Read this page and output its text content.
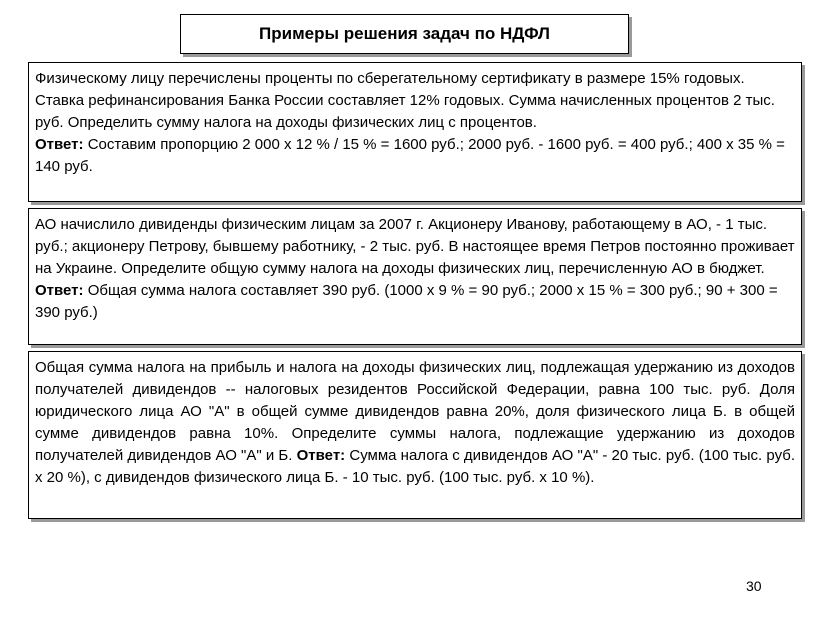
Примеры решения задач по НДФЛ
Физическому лицу перечислены проценты по сберегательному сертификату в размере 15% годовых. Ставка рефинансирования Банка России составляет 12% годовых. Сумма начисленных процентов 2 тыс. руб. Определить сумму налога на доходы физических лиц с процентов.
Ответ: Составим пропорцию 2 000 х 12 % / 15 % = 1600 руб.; 2000 руб. - 1600 руб. = 400 руб.; 400 х 35 % = 140 руб.
АО начислило дивиденды физическим лицам за 2007 г. Акционеру Иванову, работающему в АО, - 1 тыс. руб.; акционеру Петрову, бывшему работнику, - 2 тыс. руб. В настоящее время Петров постоянно проживает на Украине. Определите общую сумму налога на доходы физических лиц, перечисленную АО в бюджет.
Ответ: Общая сумма налога составляет 390 руб. (1000 х 9 % = 90 руб.; 2000 х 15 % = 300 руб.; 90 + 300 = 390 руб.)
Общая сумма налога на прибыль и налога на доходы физических лиц, подлежащая удержанию из доходов получателей дивидендов -- налоговых резидентов Российской Федерации, равна 100 тыс. руб. Доля юридического лица АО "А" в общей сумме дивидендов равна 20%, доля физического лица Б. в общей сумме дивидендов равна 10%. Определите суммы налога, подлежащие удержанию из доходов получателей дивидендов АО "А" и Б. Ответ: Сумма налога с дивидендов АО "А" - 20 тыс. руб. (100 тыс. руб. х 20 %), с дивидендов физического лица Б. - 10 тыс. руб. (100 тыс. руб. х 10 %).
30
